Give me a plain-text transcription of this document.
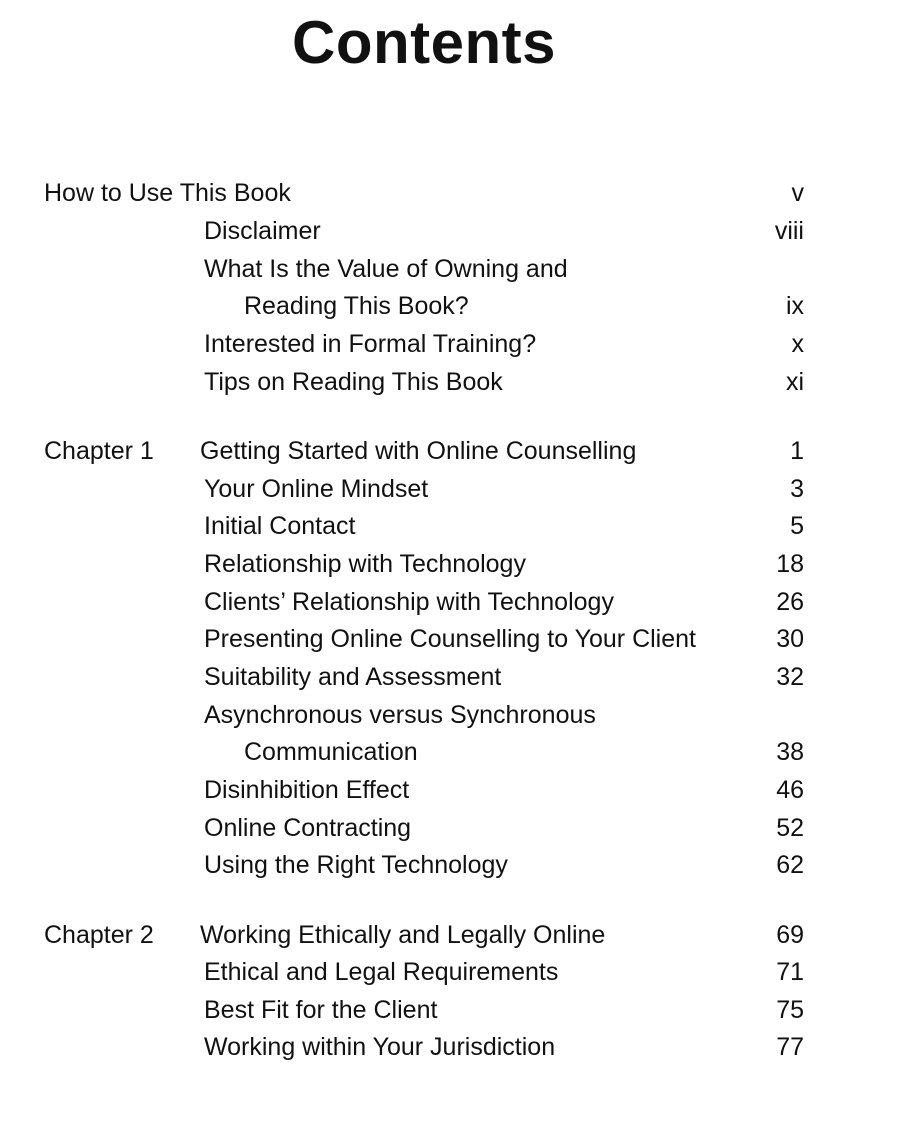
Contents
How to Use This Book	v
Disclaimer	viii
What Is the Value of Owning and
Reading This Book?	ix
Interested in Formal Training?	x
Tips on Reading This Book	xi
Chapter 1 Getting Started with Online Counselling	1
Your Online Mindset	3
Initial Contact	5
Relationship with Technology	18
Clients’ Relationship with Technology	26
Presenting Online Counselling to Your Client	30
Suitability and Assessment	32
Asynchronous versus Synchronous
Communication	38
Disinhibition Effect	46
Online Contracting	52
Using the Right Technology	62
Chapter 2 Working Ethically and Legally Online	69
Ethical and Legal Requirements	71
Best Fit for the Client	75
Working within Your Jurisdiction	77
